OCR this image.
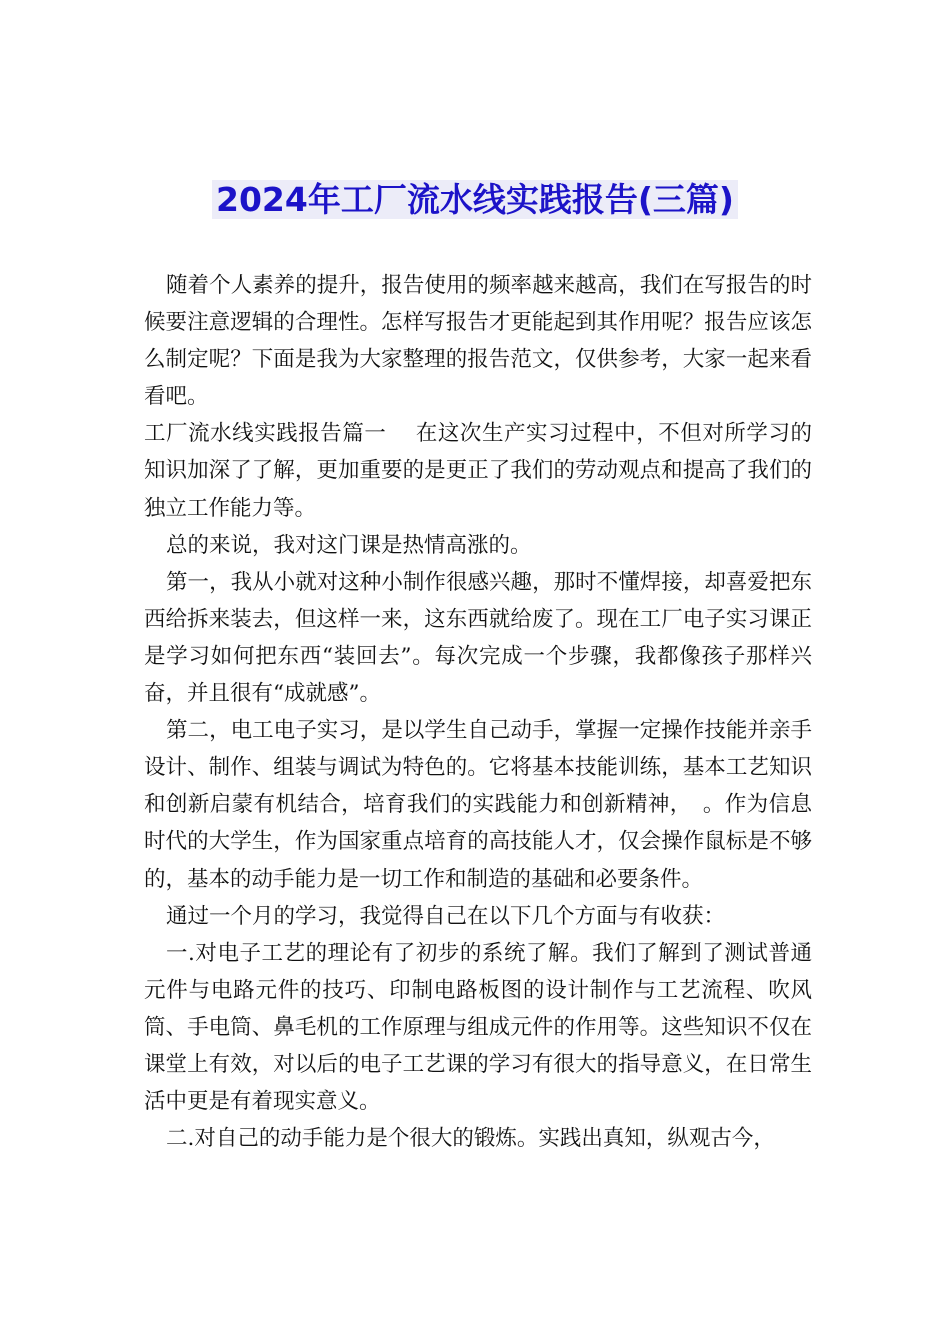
2024年工厂流水线实践报告(三篇)

随着个人素养的提升，报告使用的频率越来越高，我们在写报告的时候要注意逻辑的合理性。怎样写报告才更能起到其作用呢？报告应该怎么制定呢？下面是我为大家整理的报告范文，仅供参考，大家一起来看看吧。

工厂流水线实践报告篇一　 在这次生产实习过程中，不但对所学习的知识加深了了解，更加重要的是更正了我们的劳动观点和提高了我们的独立工作能力等。

总的来说，我对这门课是热情高涨的。

第一，我从小就对这种小制作很感兴趣，那时不懂焊接，却喜爱把东西给拆来装去，但这样一来，这东西就给废了。现在工厂电子实习课正是学习如何把东西“装回去”。每次完成一个步骤，我都像孩子那样兴奋，并且很有“成就感”。

第二，电工电子实习，是以学生自己动手，掌握一定操作技能并亲手设计、制作、组装与调试为特色的。它将基本技能训练，基本工艺知识和创新启蒙有机结合，培育我们的实践能力和创新精神，　。作为信息时代的大学生，作为国家重点培育的高技能人才，仅会操作鼠标是不够的，基本的动手能力是一切工作和制造的基础和必要条件。

通过一个月的学习，我觉得自己在以下几个方面与有收获：

一.对电子工艺的理论有了初步的系统了解。我们了解到了测试普通元件与电路元件的技巧、印制电路板图的设计制作与工艺流程、吹风筒、手电筒、鼻毛机的工作原理与组成元件的作用等。这些知识不仅在课堂上有效，对以后的电子工艺课的学习有很大的指导意义，在日常生活中更是有着现实意义。

二.对自己的动手能力是个很大的锻炼。实践出真知，纵观古今，
